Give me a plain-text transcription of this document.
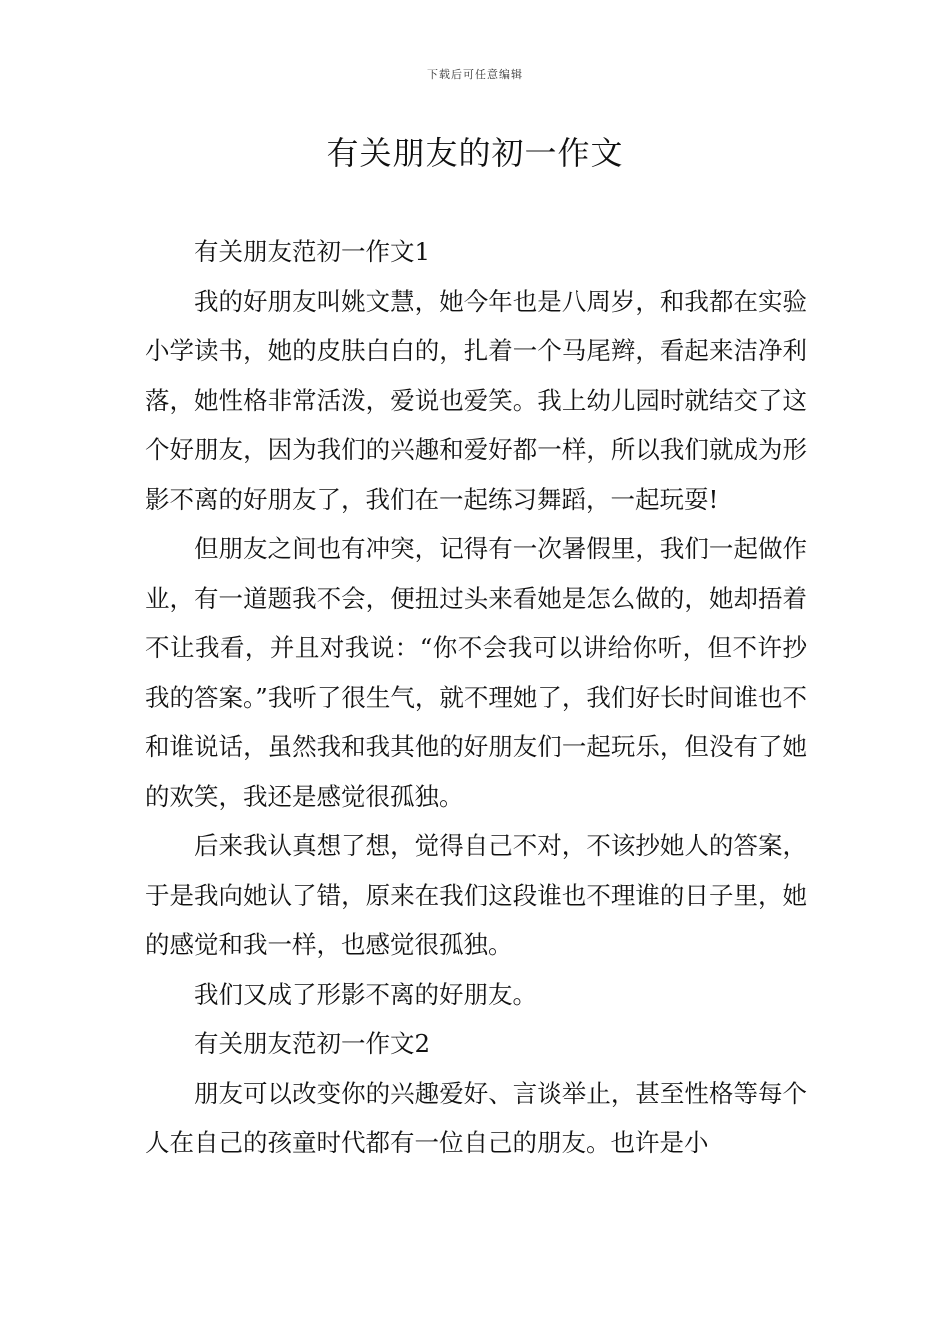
下载后可任意编辑
有关朋友的初一作文

有关朋友范初一作文1

我的好朋友叫姚文慧，她今年也是八周岁，和我都在实验小学读书，她的皮肤白白的，扎着一个马尾辫，看起来洁净利落，她性格非常活泼，爱说也爱笑。我上幼儿园时就结交了这个好朋友，因为我们的兴趣和爱好都一样，所以我们就成为形影不离的好朋友了，我们在一起练习舞蹈，一起玩耍!

但朋友之间也有冲突，记得有一次暑假里，我们一起做作业，有一道题我不会，便扭过头来看她是怎么做的，她却捂着不让我看，并且对我说：“你不会我可以讲给你听，但不许抄我的答案。”我听了很生气，就不理她了，我们好长时间谁也不和谁说话，虽然我和我其他的好朋友们一起玩乐，但没有了她的欢笑，我还是感觉很孤独。

后来我认真想了想，觉得自己不对，不该抄她人的答案，于是我向她认了错，原来在我们这段谁也不理谁的日子里，她的感觉和我一样，也感觉很孤独。

我们又成了形影不离的好朋友。

有关朋友范初一作文2

朋友可以改变你的兴趣爱好、言谈举止，甚至性格等每个人在自己的孩童时代都有一位自己的朋友。也许是小
